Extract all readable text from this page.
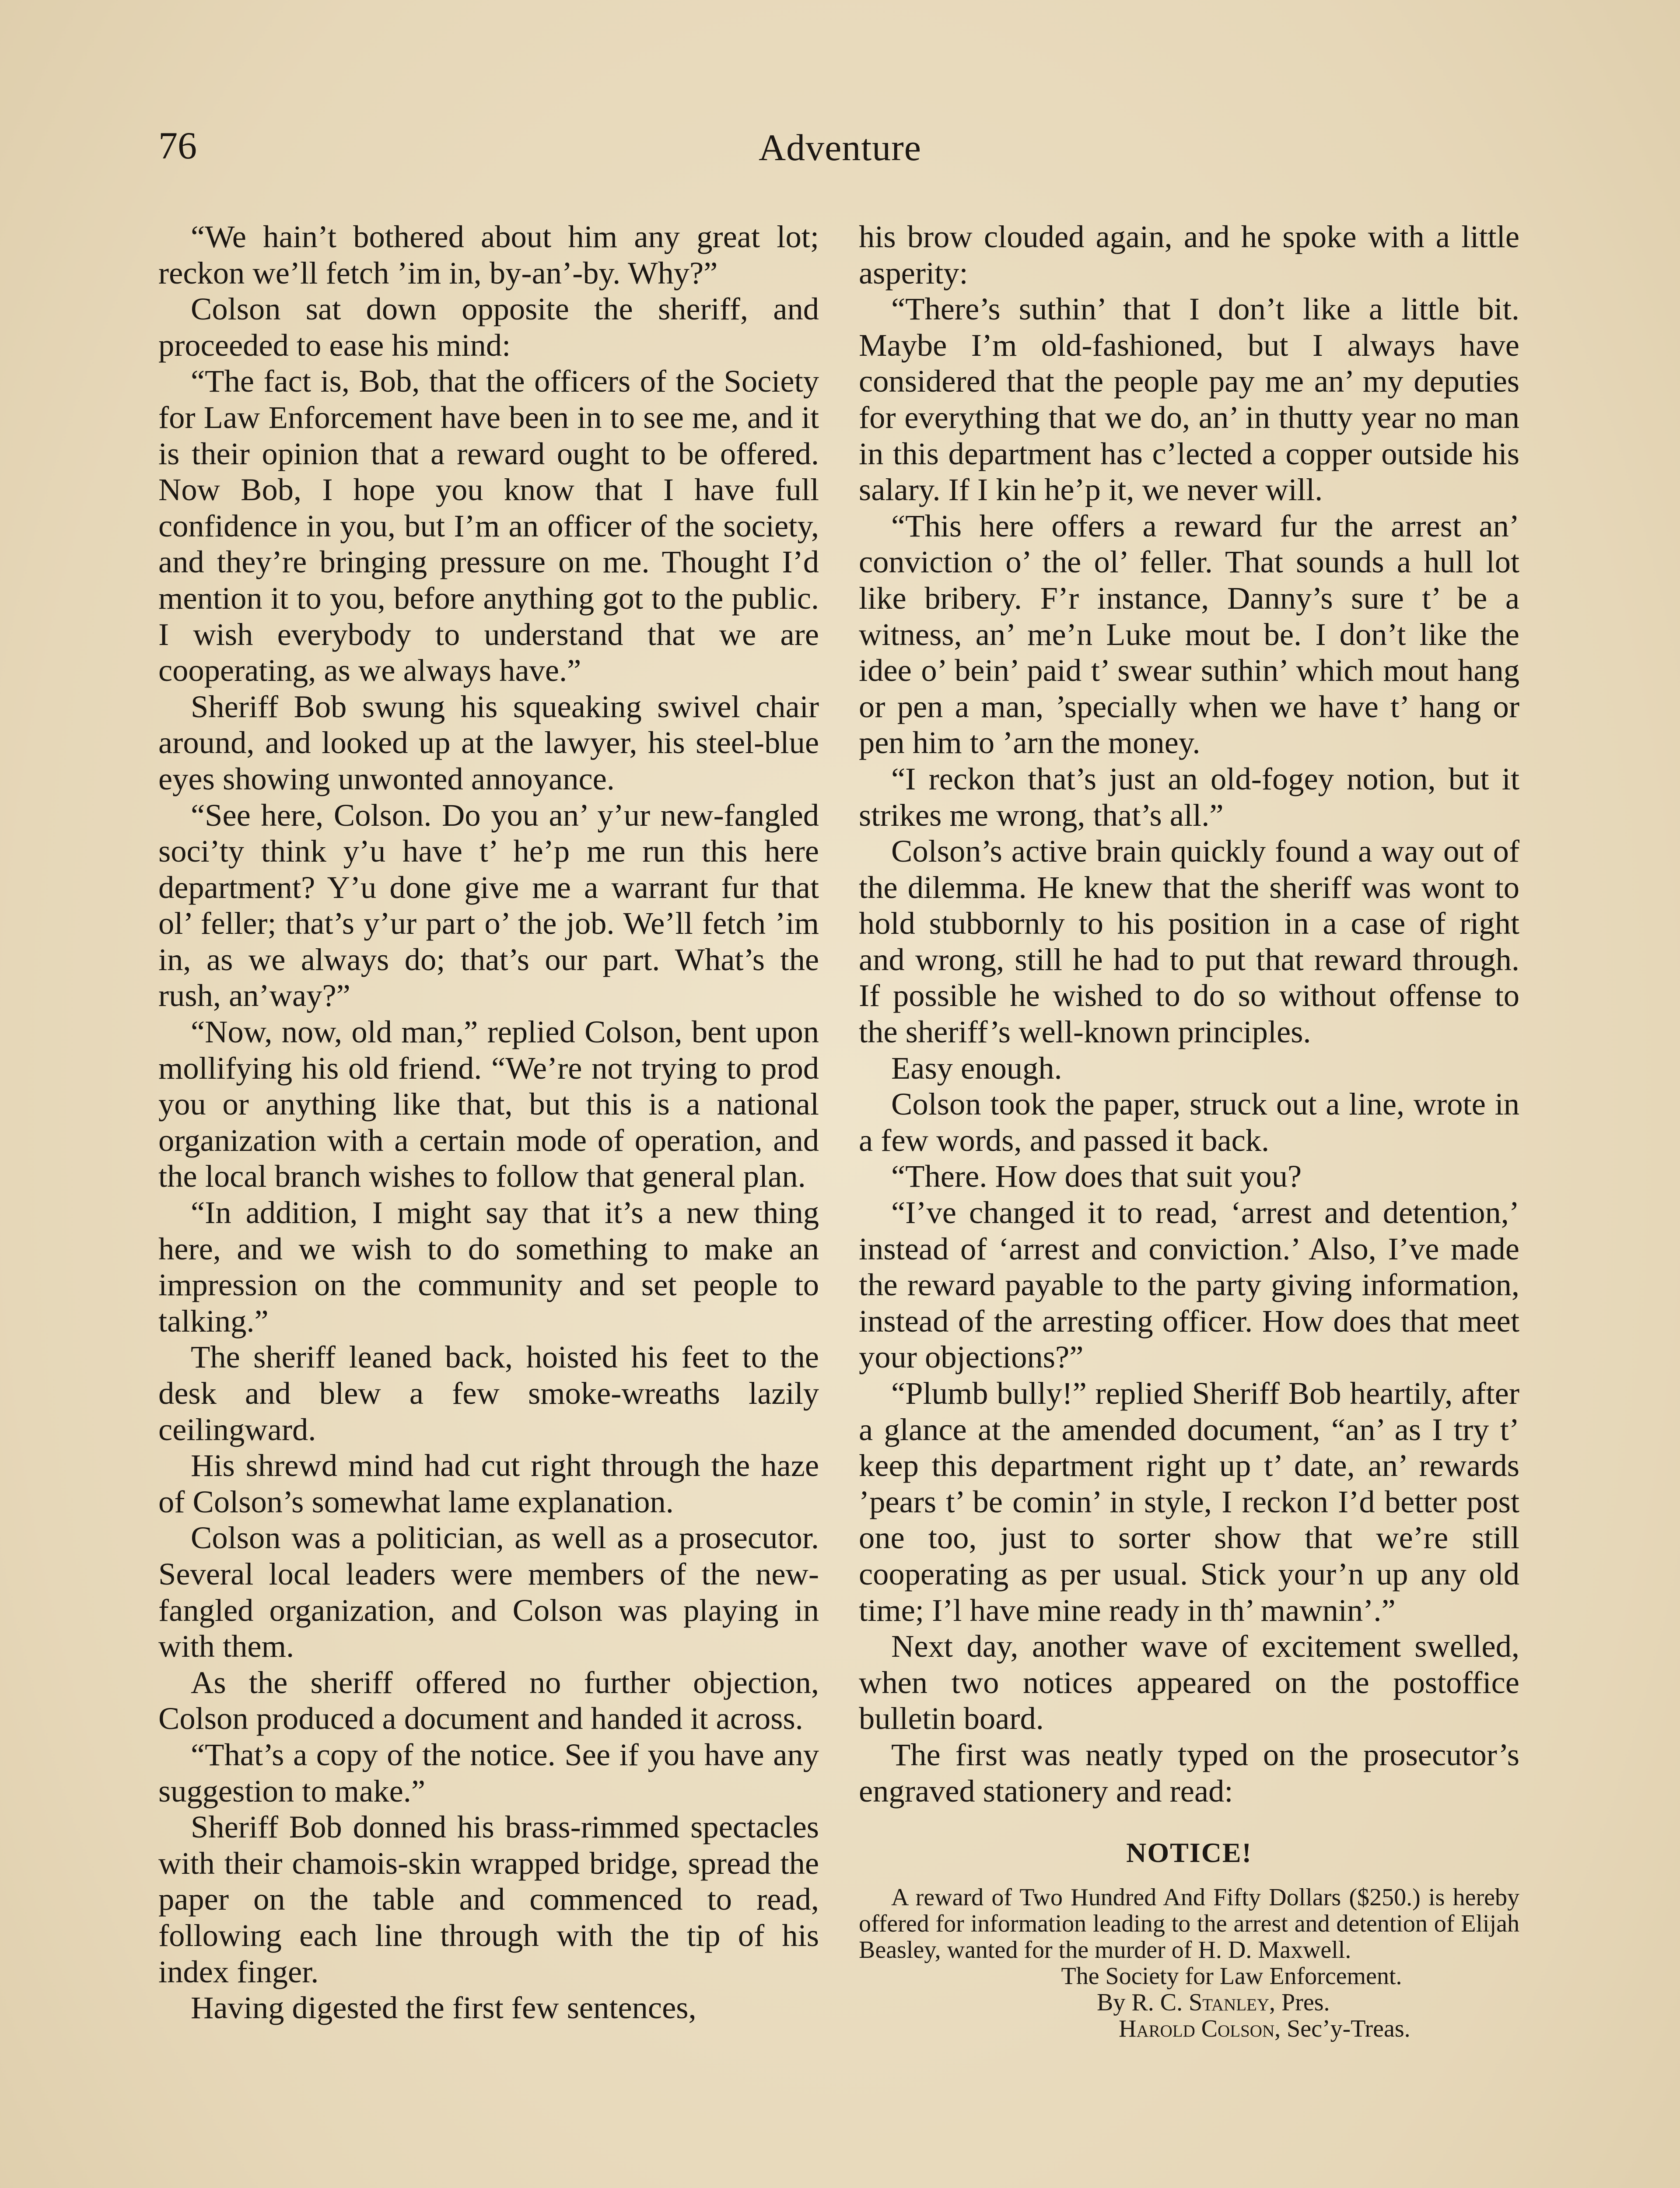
76	Adventure

“We hain’t bothered about him any great lot; reckon we’ll fetch ’im in, by-an’-by. Why?”

Colson sat down opposite the sheriff, and proceeded to ease his mind:

“The fact is, Bob, that the officers of the Society for Law Enforcement have been in to see me, and it is their opinion that a reward ought to be offered. Now Bob, I hope you know that I have full confidence in you, but I’m an officer of the society, and they’re bringing pressure on me. Thought I’d mention it to you, before anything got to the public. I wish everybody to understand that we are cooperating, as we always have.”

Sheriff Bob swung his squeaking swivel chair around, and looked up at the lawyer, his steel-blue eyes showing unwonted annoyance.

“See here, Colson. Do you an’ y’ur new-fangled soci’ty think y’u have t’ he’p me run this here department? Y’u done give me a warrant fur that ol’ feller; that’s y’ur part o’ the job. We’ll fetch ’im in, as we always do; that’s our part. What’s the rush, an’way?”

“Now, now, old man,” replied Colson, bent upon mollifying his old friend. “We’re not trying to prod you or anything like that, but this is a national organization with a certain mode of operation, and the local branch wishes to follow that general plan.

“In addition, I might say that it’s a new thing here, and we wish to do something to make an impression on the community and set people to talking.”

The sheriff leaned back, hoisted his feet to the desk and blew a few smoke-wreaths lazily ceilingward.

His shrewd mind had cut right through the haze of Colson’s somewhat lame explanation.

Colson was a politician, as well as a prosecutor. Several local leaders were members of the new-fangled organization, and Colson was playing in with them.

As the sheriff offered no further objection, Colson produced a document and handed it across.

“That’s a copy of the notice. See if you have any suggestion to make.”

Sheriff Bob donned his brass-rimmed spectacles with their chamois-skin wrapped bridge, spread the paper on the table and commenced to read, following each line through with the tip of his index finger.

Having digested the first few sentences,

his brow clouded again, and he spoke with a little asperity:

“There’s suthin’ that I don’t like a little bit. Maybe I’m old-fashioned, but I always have considered that the people pay me an’ my deputies for everything that we do, an’ in thutty year no man in this department has c’lected a copper outside his salary. If I kin he’p it, we never will.

“This here offers a reward fur the arrest an’ conviction o’ the ol’ feller. That sounds a hull lot like bribery. F’r instance, Danny’s sure t’ be a witness, an’ me’n Luke mout be. I don’t like the idee o’ bein’ paid t’ swear suthin’ which mout hang or pen a man, ’specially when we have t’ hang or pen him to ’arn the money.

“I reckon that’s just an old-fogey notion, but it strikes me wrong, that’s all.”

Colson’s active brain quickly found a way out of the dilemma. He knew that the sheriff was wont to hold stubbornly to his position in a case of right and wrong, still he had to put that reward through. If possible he wished to do so without offense to the sheriff’s well-known principles.

Easy enough.

Colson took the paper, struck out a line, wrote in a few words, and passed it back.

“There. How does that suit you?

“I’ve changed it to read, ‘arrest and detention,’ instead of ‘arrest and conviction.’ Also, I’ve made the reward payable to the party giving information, instead of the arresting officer. How does that meet your objections?”

“Plumb bully!” replied Sheriff Bob heartily, after a glance at the amended document, “an’ as I try t’ keep this department right up t’ date, an’ rewards ’pears t’ be comin’ in style, I reckon I’d better post one too, just to sorter show that we’re still cooperating as per usual. Stick your’n up any old time; I’l have mine ready in th’ mawnin’.”

Next day, another wave of excitement swelled, when two notices appeared on the postoffice bulletin board.

The first was neatly typed on the prosecutor’s engraved stationery and read:

NOTICE!

A reward of Two Hundred And Fifty Dollars ($250.) is hereby offered for information leading to the arrest and detention of Elijah Beasley, wanted for the murder of H. D. Maxwell.

The Society for Law Enforcement.

By R. C. Stanley, Pres.

Harold Colson, Sec’y-Treas.
